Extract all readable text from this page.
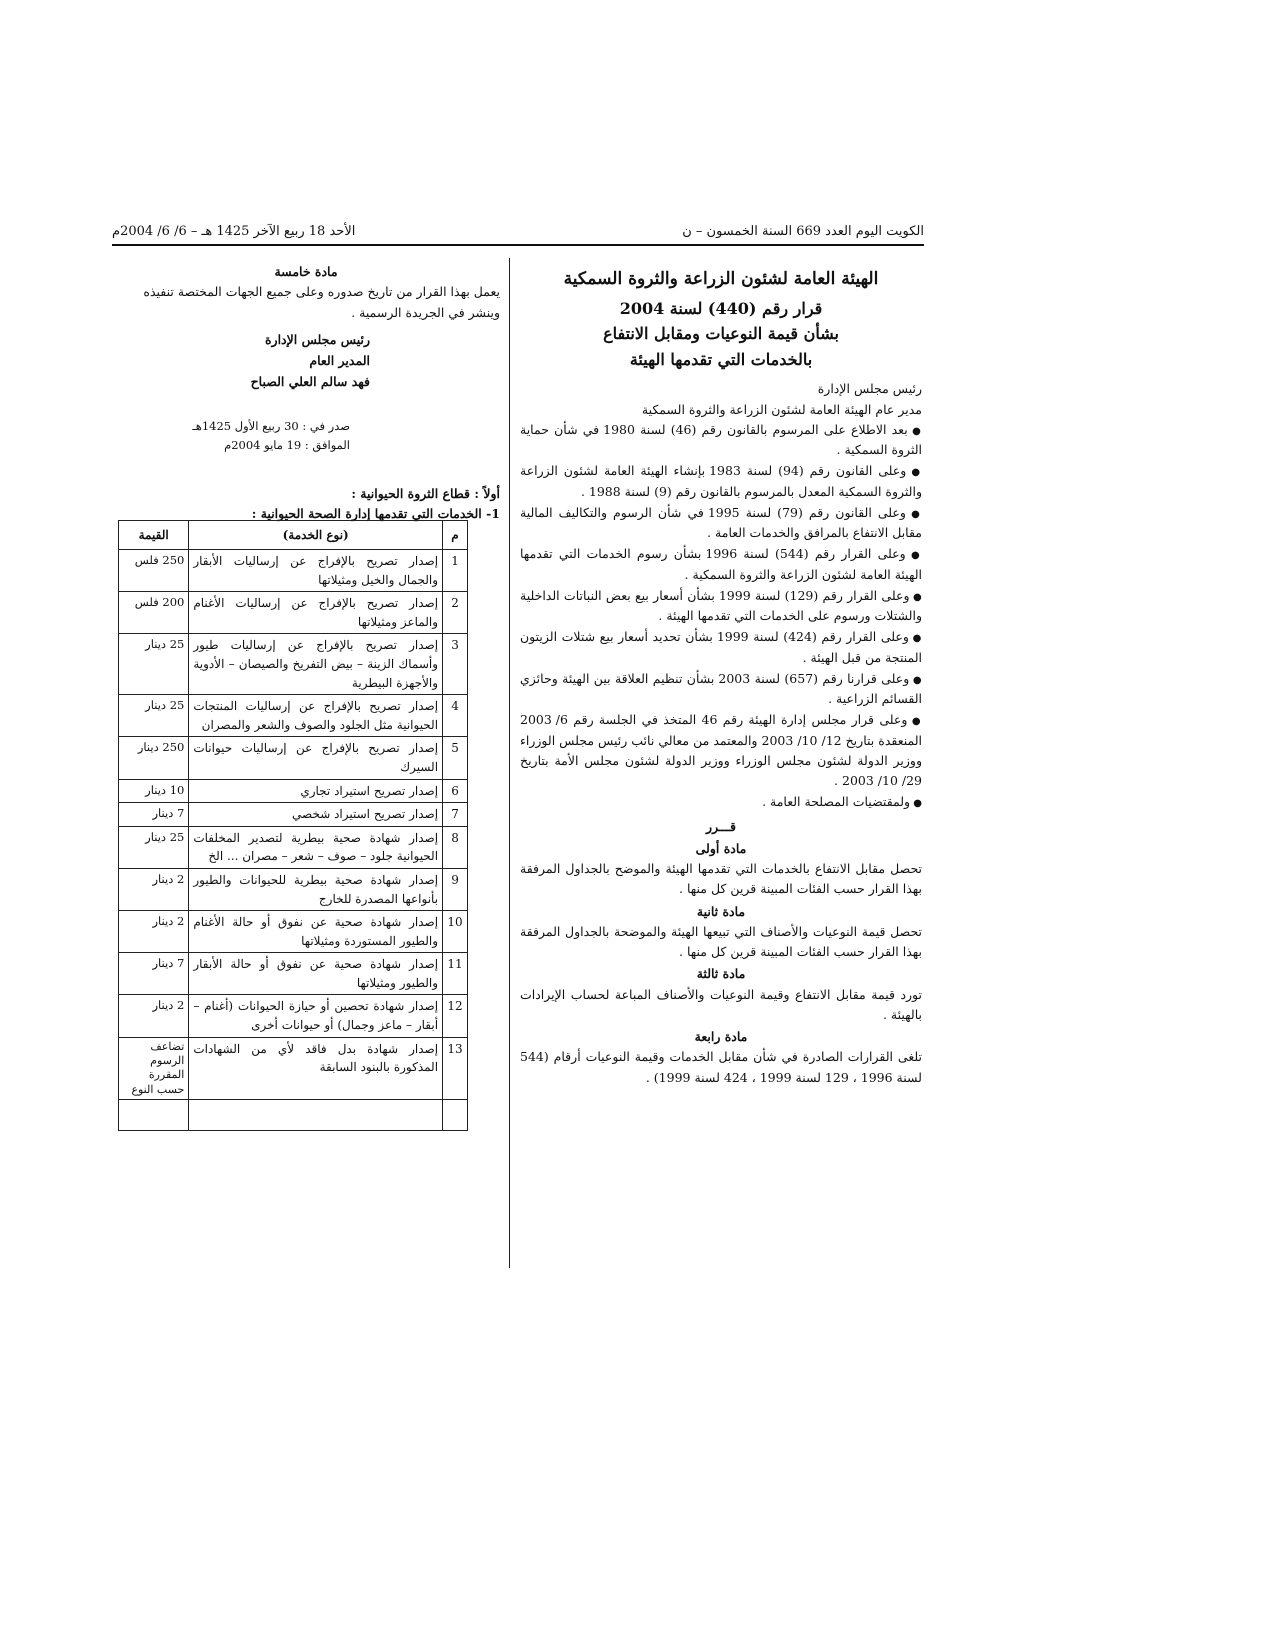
الكويت اليوم العدد 669 السنة الخمسون – ن
الأحد 18 ربيع الآخر 1425 هـ – 6/ 6/ 2004م
الهيئة العامة لشئون الزراعة والثروة السمكية
قرار رقم (440) لسنة 2004
بشأن قيمة النوعيات ومقابل الانتفاع
بالخدمات التي تقدمها الهيئة

رئيس مجلس الإدارة

مدير عام الهيئة العامة لشئون الزراعة والثروة السمكية

● بعد الاطلاع على المرسوم بالقانون رقم (46) لسنة 1980 في شأن حماية الثروة السمكية .
● وعلى القانون رقم (94) لسنة 1983 بإنشاء الهيئة العامة لشئون الزراعة والثروة السمكية المعدل بالمرسوم بالقانون رقم (9) لسنة 1988 .
● وعلى القانون رقم (79) لسنة 1995 في شأن الرسوم والتكاليف المالية مقابل الانتفاع بالمرافق والخدمات العامة .
● وعلى القرار رقم (544) لسنة 1996 بشأن رسوم الخدمات التي تقدمها الهيئة العامة لشئون الزراعة والثروة السمكية .
● وعلى القرار رقم (129) لسنة 1999 بشأن أسعار بيع بعض النباتات الداخلية والشتلات ورسوم على الخدمات التي تقدمها الهيئة .
● وعلى القرار رقم (424) لسنة 1999 بشأن تحديد أسعار بيع شتلات الزيتون المنتجة من قبل الهيئة .
● وعلى قرارنا رقم (657) لسنة 2003 بشأن تنظيم العلاقة بين الهيئة وحائزي القسائم الزراعية .
● وعلى قرار مجلس إدارة الهيئة رقم 46 المتخذ في الجلسة رقم 6/ 2003 المنعقدة بتاريخ 12/ 10/ 2003 والمعتمد من معالي نائب رئيس مجلس الوزراء ووزير الدولة لشئون مجلس الوزراء ووزير الدولة لشئون مجلس الأمة بتاريخ 29/ 10/ 2003 .
● ولمقتضيات المصلحة العامة .
قـــرر
مادة أولى

تحصل مقابل الانتفاع بالخدمات التي تقدمها الهيئة والموضح بالجداول المرفقة بهذا القرار حسب الفئات المبينة قرين كل منها .

مادة ثانية

تحصل قيمة النوعيات والأصناف التي تبيعها الهيئة والموضحة بالجداول المرفقة بهذا القرار حسب الفئات المبينة قرين كل منها .

مادة ثالثة

تورد قيمة مقابل الانتفاع وقيمة النوعيات والأصناف المباعة لحساب الإيرادات بالهيئة .

مادة رابعة

تلغى القرارات الصادرة في شأن مقابل الخدمات وقيمة النوعيات أرقام (544 لسنة 1996 ، 129 لسنة 1999 ، 424 لسنة 1999) .

مادة خامسة

يعمل بهذا القرار من تاريخ صدوره وعلى جميع الجهات المختصة تنفيذه وينشر في الجريدة الرسمية .

رئيس مجلس الإدارة
المدير العام
فهد سالم العلي الصباح
صدر في : 30 ربيع الأول 1425هـ
الموافق : 19 مايو 2004م
أولاً : قطاع الثروة الحيوانية :
1- الخدمات التي تقدمها إدارة الصحة الحيوانية :
م	(نوع الخدمة)	القيمة
1	إصدار تصريح بالإفراج عن إرساليات الأبقار والجمال والخيل ومثيلاتها	250 فلس
2	إصدار تصريح بالإفراج عن إرساليات الأغنام والماعز ومثيلاتها	200 فلس
3	إصدار تصريح بالإفراج عن إرساليات طيور وأسماك الزينة – بيض التفريخ والصيصان – الأدوية والأجهزة البيطرية	25 دينار
4	إصدار تصريح بالإفراج عن إرساليات المنتجات الحيوانية مثل الجلود والصوف والشعر والمصران	25 دينار
5	إصدار تصريح بالإفراج عن إرساليات حيوانات السيرك	250 دينار
6	إصدار تصريح استيراد تجاري	10 دينار
7	إصدار تصريح استيراد شخصي	7 دينار
8	إصدار شهادة صحية بيطرية لتصدير المخلفات الحيوانية جلود – صوف – شعر – مصران ... الخ	25 دينار
9	إصدار شهادة صحية بيطرية للحيوانات والطيور بأنواعها المصدرة للخارج	2 دينار
10	إصدار شهادة صحية عن نفوق أو حالة الأغنام والطيور المستوردة ومثيلاتها	2 دينار
11	إصدار شهادة صحية عن نفوق أو حالة الأبقار والطيور ومثيلاتها	7 دينار
12	إصدار شهادة تحصين أو حيازة الحيوانات (أغنام – أبقار – ماعز وجمال) أو حيوانات أخرى	2 دينار
13	إصدار شهادة بدل فاقد لأي من الشهادات المذكورة بالبنود السابقة	تضاعف الرسوم المقررة حسب النوع
